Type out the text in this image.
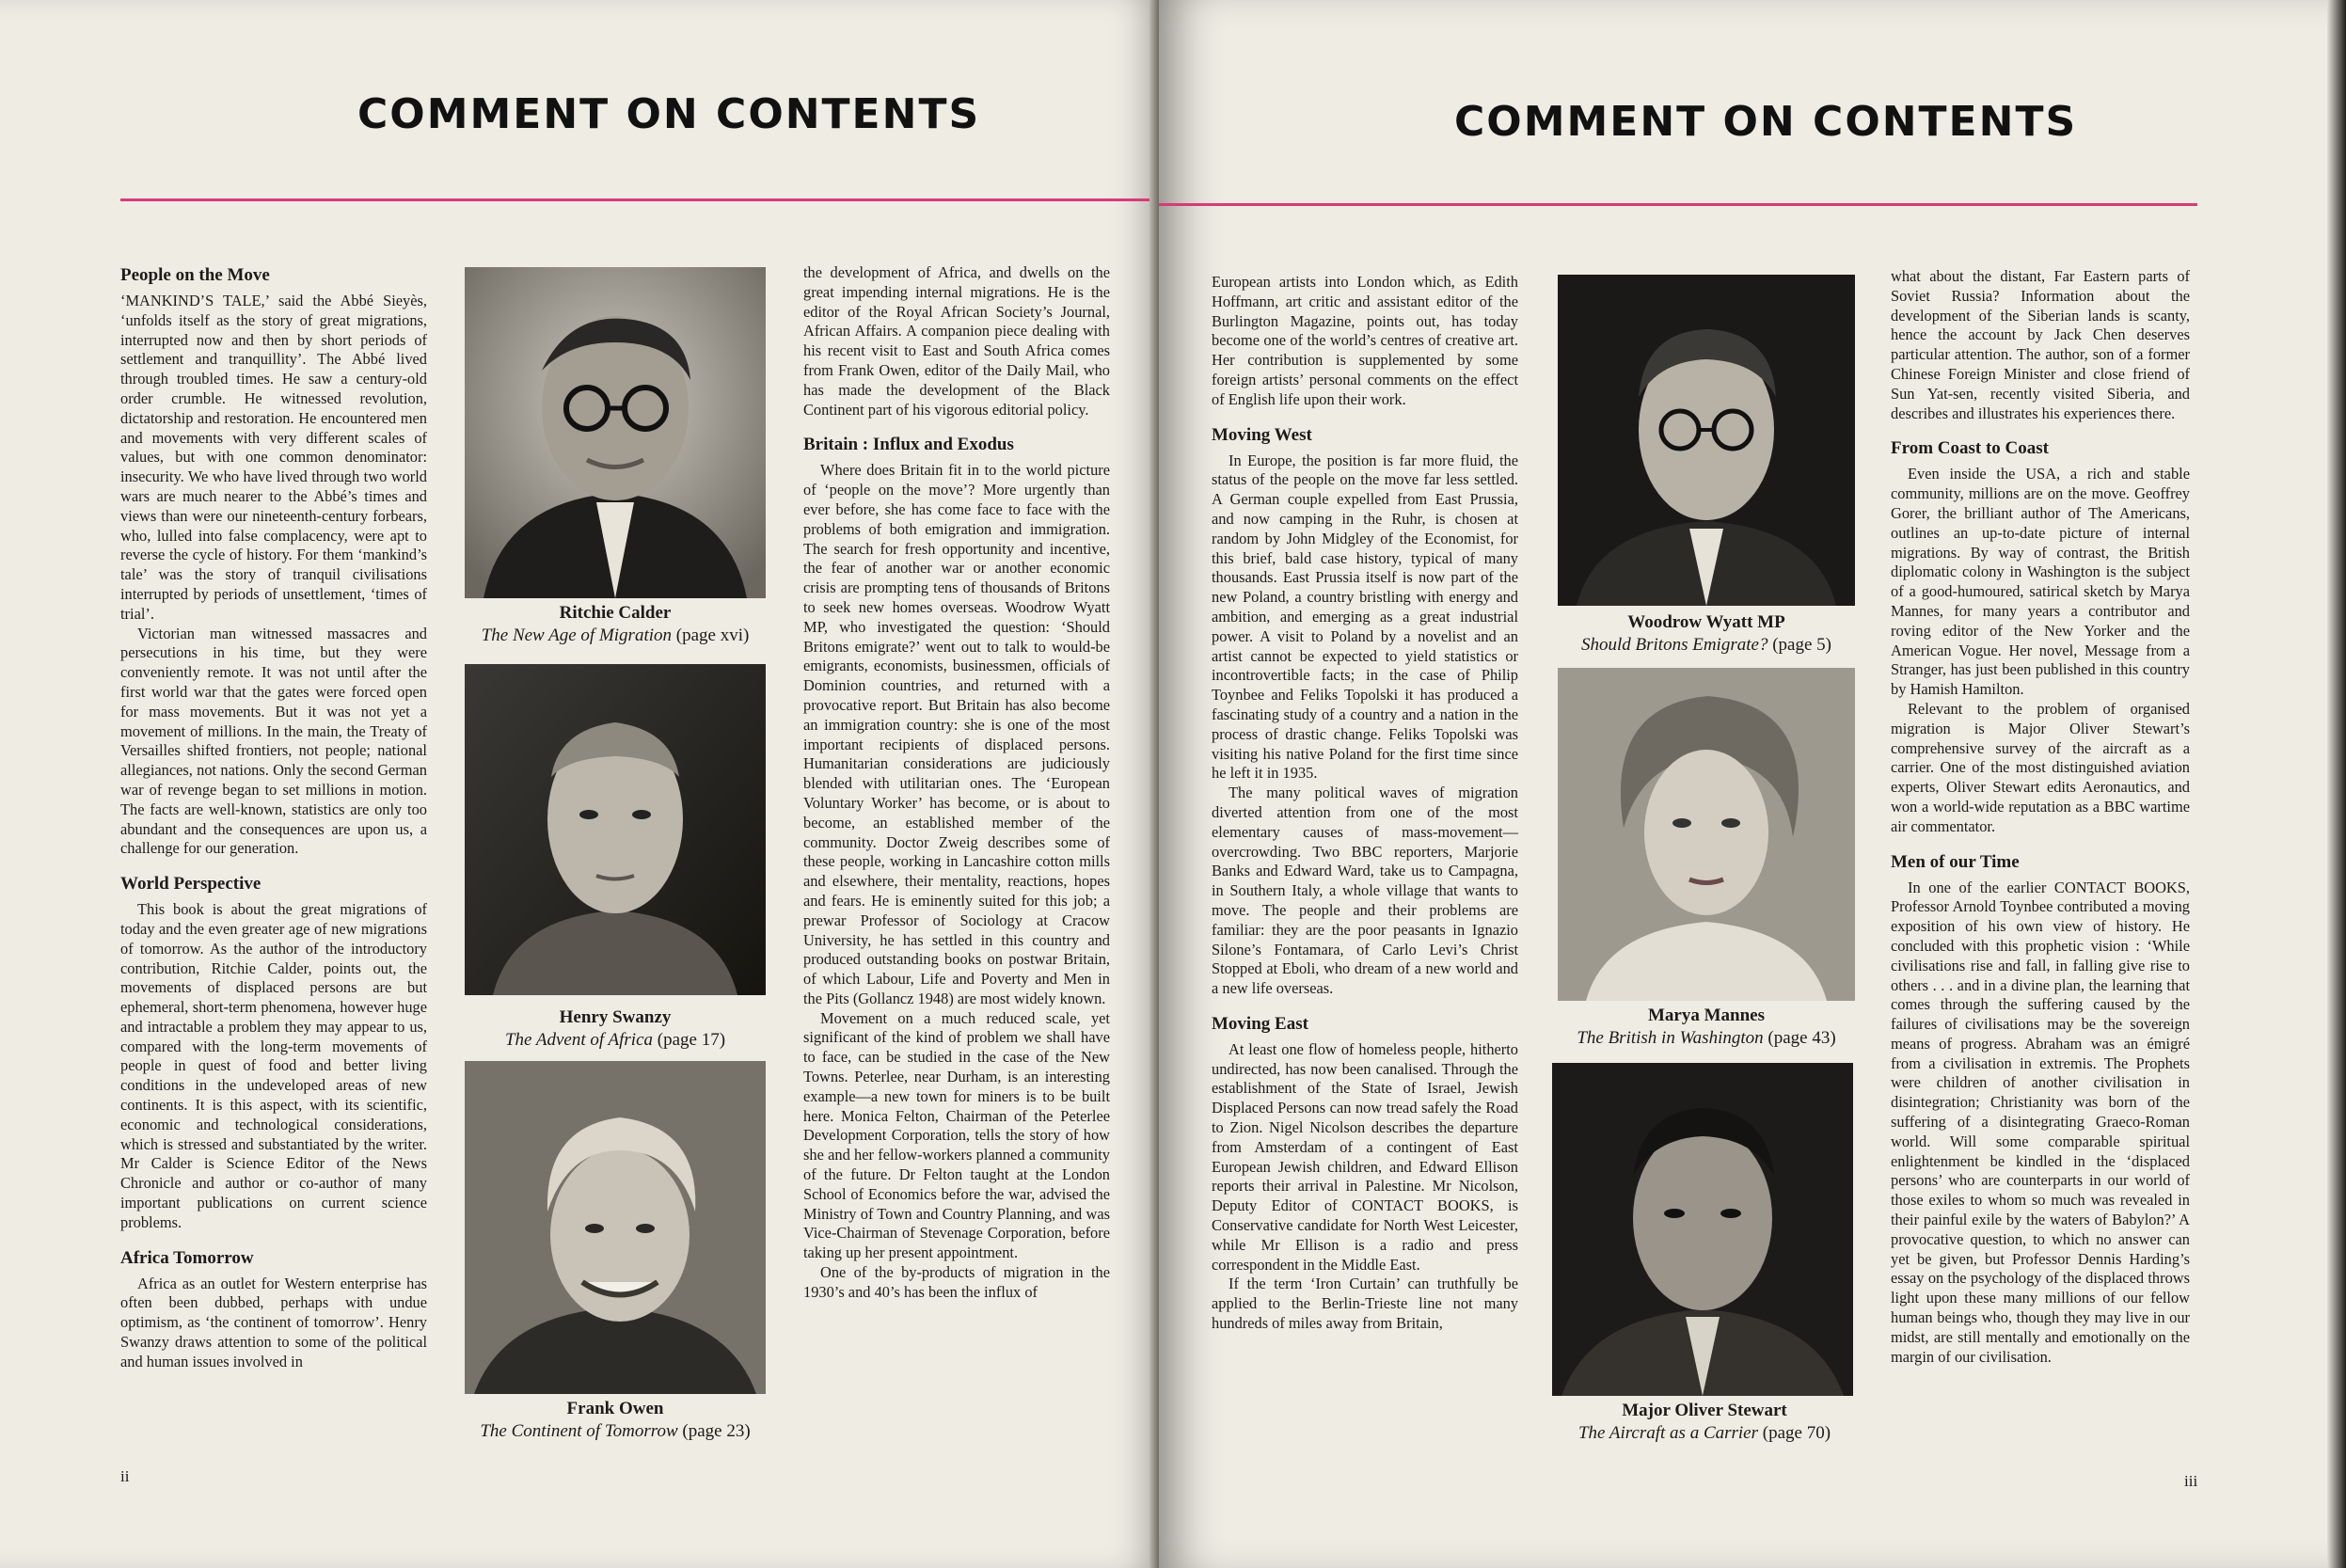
COMMENT ON CONTENTS
People on the Move

‘MANKIND’S TALE,’ said the Abbé Sieyès, ‘unfolds itself as the story of great migrations, interrupted now and then by short periods of settlement and tranquillity’. The Abbé lived through troubled times. He saw a century-old order crumble. He witnessed revolution, dictatorship and restoration. He encountered men and movements with very different scales of values, but with one common denominator: insecurity. We who have lived through two world wars are much nearer to the Abbé’s times and views than were our nineteenth-century forbears, who, lulled into false complacency, were apt to reverse the cycle of history. For them ‘mankind’s tale’ was the story of tranquil civilisations interrupted by periods of unsettlement, ‘times of trial’.

Victorian man witnessed massacres and persecutions in his time, but they were conveniently remote. It was not until after the first world war that the gates were forced open for mass movements. But it was not yet a movement of millions. In the main, the Treaty of Versailles shifted frontiers, not people; national allegiances, not nations. Only the second German war of revenge began to set millions in motion. The facts are well-known, statistics are only too abundant and the consequences are upon us, a challenge for our generation.

World Perspective

This book is about the great migrations of today and the even greater age of new migrations of tomorrow. As the author of the introductory contribution, Ritchie Calder, points out, the movements of displaced persons are but ephemeral, short-term phenomena, however huge and intractable a problem they may appear to us, compared with the long-term movements of people in quest of food and better living conditions in the undeveloped areas of new continents. It is this aspect, with its scientific, economic and technological considerations, which is stressed and substantiated by the writer. Mr Calder is Science Editor of the News Chronicle and author or co-author of many important publications on current science problems.

Africa Tomorrow

Africa as an outlet for Western enterprise has often been dubbed, perhaps with undue optimism, as ‘the continent of tomorrow’. Henry Swanzy draws attention to some of the political and human issues involved in

Ritchie Calder
The New Age of Migration (page xvi)
Henry Swanzy
The Advent of Africa (page 17)
Frank Owen
The Continent of Tomorrow (page 23)

the development of Africa, and dwells on the great impending internal migrations. He is the editor of the Royal African Society’s Journal, African Affairs. A companion piece dealing with his recent visit to East and South Africa comes from Frank Owen, editor of the Daily Mail, who has made the development of the Black Continent part of his vigorous editorial policy.

Britain : Influx and Exodus

Where does Britain fit in to the world picture of ‘people on the move’? More urgently than ever before, she has come face to face with the problems of both emigration and immigration. The search for fresh opportunity and incentive, the fear of another war or another economic crisis are prompting tens of thousands of Britons to seek new homes overseas. Woodrow Wyatt MP, who investigated the question: ‘Should Britons emigrate?’ went out to talk to would-be emigrants, economists, businessmen, officials of Dominion countries, and returned with a provocative report. But Britain has also become an immigration country: she is one of the most important recipients of displaced persons. Humanitarian considerations are judiciously blended with utilitarian ones. The ‘European Voluntary Worker’ has become, or is about to become, an established member of the community. Doctor Zweig describes some of these people, working in Lancashire cotton mills and elsewhere, their mentality, reactions, hopes and fears. He is eminently suited for this job; a prewar Professor of Sociology at Cracow University, he has settled in this country and produced outstanding books on postwar Britain, of which Labour, Life and Poverty and Men in the Pits (Gollancz 1948) are most widely known.

Movement on a much reduced scale, yet significant of the kind of problem we shall have to face, can be studied in the case of the New Towns. Peterlee, near Durham, is an interesting example—a new town for miners is to be built here. Monica Felton, Chairman of the Peterlee Development Corporation, tells the story of how she and her fellow-workers planned a community of the future. Dr Felton taught at the London School of Economics before the war, advised the Ministry of Town and Country Planning, and was Vice-Chairman of Stevenage Corporation, before taking up her present appointment.

One of the by-products of migration in the 1930’s and 40’s has been the influx of

ii
COMMENT ON CONTENTS

European artists into London which, as Edith Hoffmann, art critic and assistant editor of the Burlington Magazine, points out, has today become one of the world’s centres of creative art. Her contribution is supplemented by some foreign artists’ personal comments on the effect of English life upon their work.

Moving West

In Europe, the position is far more fluid, the status of the people on the move far less settled. A German couple expelled from East Prussia, and now camping in the Ruhr, is chosen at random by John Midgley of the Economist, for this brief, bald case history, typical of many thousands. East Prussia itself is now part of the new Poland, a country bristling with energy and ambition, and emerging as a great industrial power. A visit to Poland by a novelist and an artist cannot be expected to yield statistics or incontrovertible facts; in the case of Philip Toynbee and Feliks Topolski it has produced a fascinating study of a country and a nation in the process of drastic change. Feliks Topolski was visiting his native Poland for the first time since he left it in 1935.

The many political waves of migration diverted attention from one of the most elementary causes of mass-movement—overcrowding. Two BBC reporters, Marjorie Banks and Edward Ward, take us to Campagna, in Southern Italy, a whole village that wants to move. The people and their problems are familiar: they are the poor peasants in Ignazio Silone’s Fontamara, of Carlo Levi’s Christ Stopped at Eboli, who dream of a new world and a new life overseas.

Moving East

At least one flow of homeless people, hitherto undirected, has now been canalised. Through the establishment of the State of Israel, Jewish Displaced Persons can now tread safely the Road to Zion. Nigel Nicolson describes the departure from Amsterdam of a contingent of East European Jewish children, and Edward Ellison reports their arrival in Palestine. Mr Nicolson, Deputy Editor of CONTACT BOOKS, is Conservative candidate for North West Leicester, while Mr Ellison is a radio and press correspondent in the Middle East.

If the term ‘Iron Curtain’ can truthfully be applied to the Berlin-Trieste line not many hundreds of miles away from Britain,

Woodrow Wyatt MP
Should Britons Emigrate? (page 5)
Marya Mannes
The British in Washington (page 43)
Major Oliver Stewart
The Aircraft as a Carrier (page 70)

what about the distant, Far Eastern parts of Soviet Russia? Information about the development of the Siberian lands is scanty, hence the account by Jack Chen deserves particular attention. The author, son of a former Chinese Foreign Minister and close friend of Sun Yat-sen, recently visited Siberia, and describes and illustrates his experiences there.

From Coast to Coast

Even inside the USA, a rich and stable community, millions are on the move. Geoffrey Gorer, the brilliant author of The Americans, outlines an up-to-date picture of internal migrations. By way of contrast, the British diplomatic colony in Washington is the subject of a good-humoured, satirical sketch by Marya Mannes, for many years a contributor and roving editor of the New Yorker and the American Vogue. Her novel, Message from a Stranger, has just been published in this country by Hamish Hamilton.

Relevant to the problem of organised migration is Major Oliver Stewart’s comprehensive survey of the aircraft as a carrier. One of the most distinguished aviation experts, Oliver Stewart edits Aeronautics, and won a world-wide reputation as a BBC wartime air commentator.

Men of our Time

In one of the earlier CONTACT BOOKS, Professor Arnold Toynbee contributed a moving exposition of his own view of history. He concluded with this prophetic vision : ‘While civilisations rise and fall, in falling give rise to others . . . and in a divine plan, the learning that comes through the suffering caused by the failures of civilisations may be the sovereign means of progress. Abraham was an émigré from a civilisation in extremis. The Prophets were children of another civilisation in disintegration; Christianity was born of the suffering of a disintegrating Graeco-Roman world. Will some comparable spiritual enlightenment be kindled in the ‘displaced persons’ who are counterparts in our world of those exiles to whom so much was revealed in their painful exile by the waters of Babylon?’ A provocative question, to which no answer can yet be given, but Professor Dennis Harding’s essay on the psychology of the displaced throws light upon these many millions of our fellow human beings who, though they may live in our midst, are still mentally and emotionally on the margin of our civilisation.

iii
